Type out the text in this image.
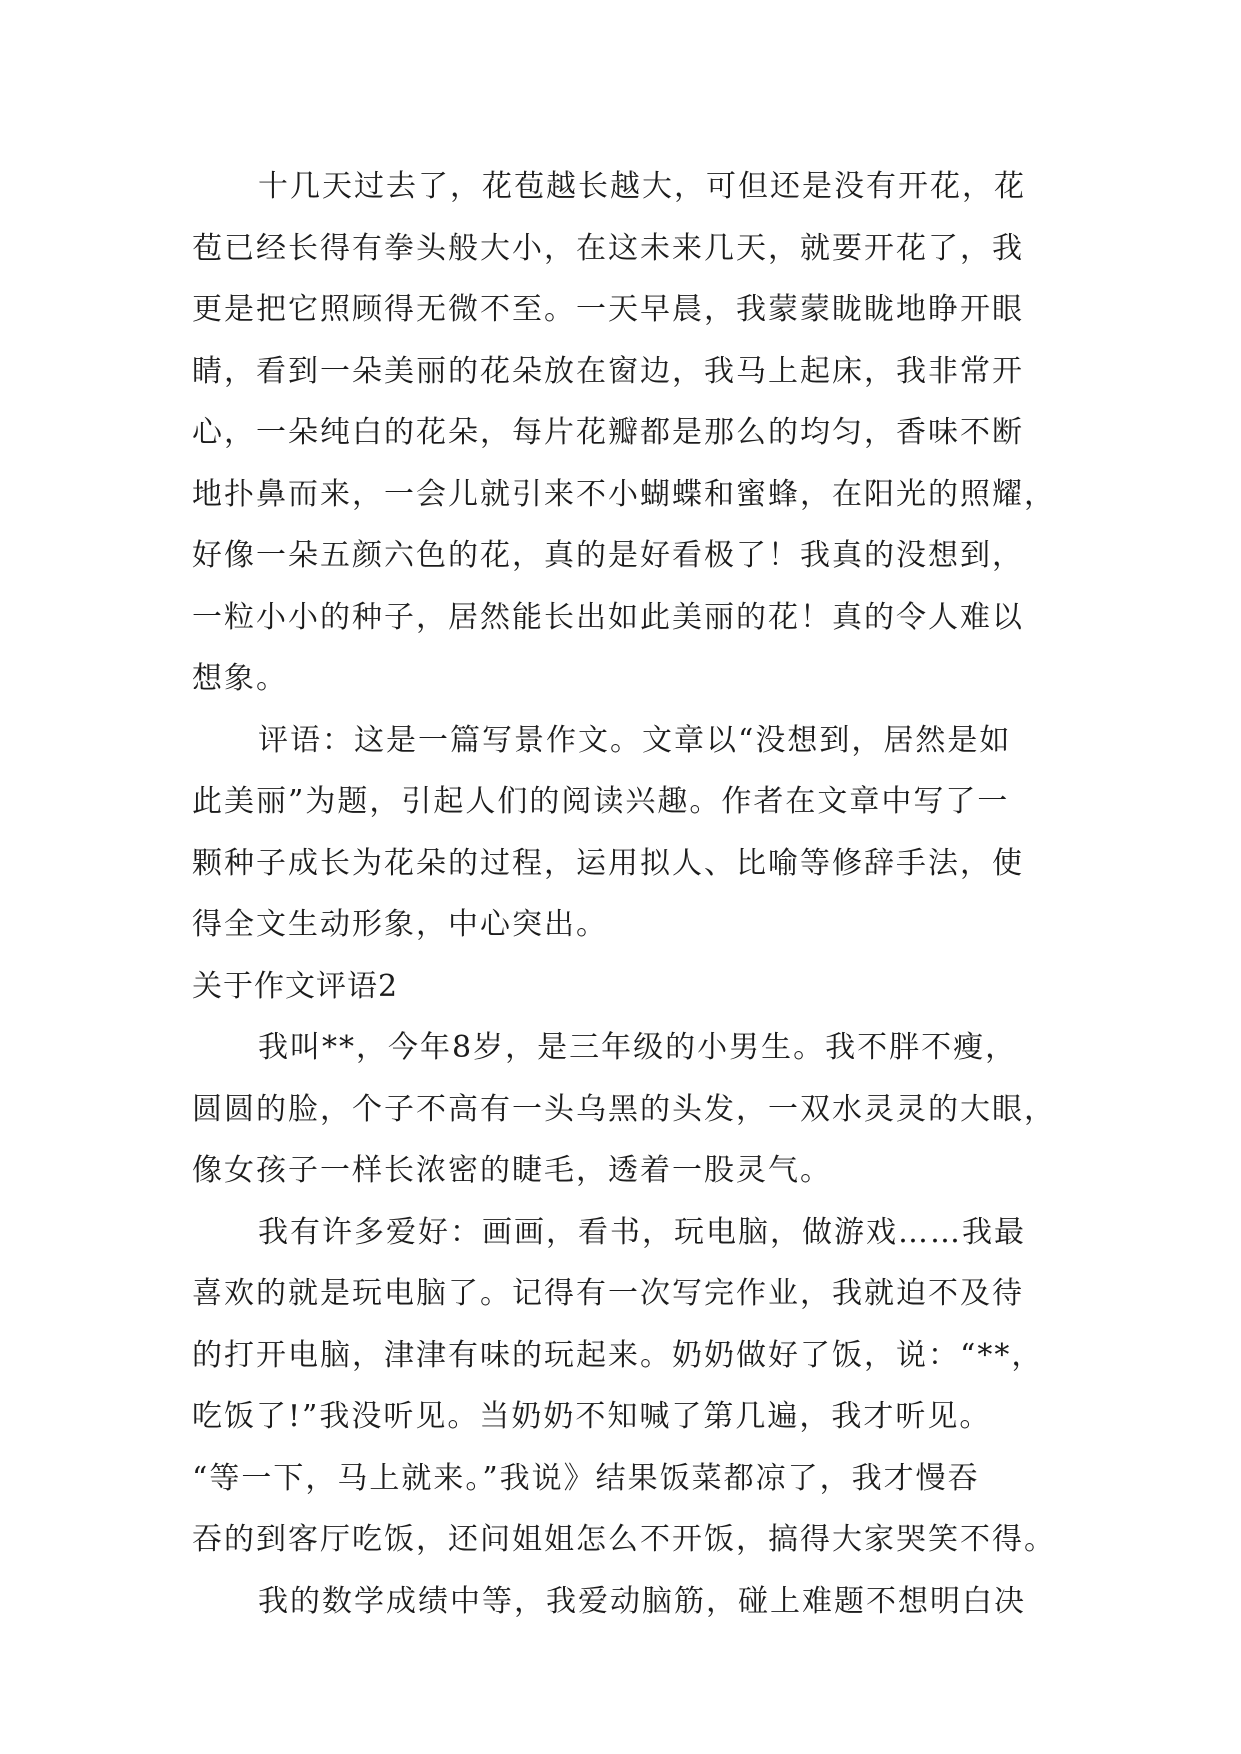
十几天过去了，花苞越长越大，可但还是没有开花，花

苞已经长得有拳头般大小，在这未来几天，就要开花了，我

更是把它照顾得无微不至。一天早晨，我蒙蒙眬眬地睁开眼

睛，看到一朵美丽的花朵放在窗边，我马上起床，我非常开

心，一朵纯白的花朵，每片花瓣都是那么的均匀，香味不断

地扑鼻而来，一会儿就引来不小蝴蝶和蜜蜂，在阳光的照耀，

好像一朵五颜六色的花，真的是好看极了！我真的没想到，

一粒小小的种子，居然能长出如此美丽的花！真的令人难以

想象。

评语：这是一篇写景作文。文章以“没想到，居然是如

此美丽”为题，引起人们的阅读兴趣。作者在文章中写了一

颗种子成长为花朵的过程，运用拟人、比喻等修辞手法，使

得全文生动形象，中心突出。

关于作文评语2

我叫**，今年8岁，是三年级的小男生。我不胖不瘦，

圆圆的脸，个子不高有一头乌黑的头发，一双水灵灵的大眼，

像女孩子一样长浓密的睫毛，透着一股灵气。

我有许多爱好：画画，看书，玩电脑，做游戏……我最

喜欢的就是玩电脑了。记得有一次写完作业，我就迫不及待

的打开电脑，津津有味的玩起来。奶奶做好了饭，说：“**，

吃饭了!”我没听见。当奶奶不知喊了第几遍，我才听见。

“等一下，马上就来。”我说》结果饭菜都凉了，我才慢吞

吞的到客厅吃饭，还问姐姐怎么不开饭，搞得大家哭笑不得。

我的数学成绩中等，我爱动脑筋，碰上难题不想明白决
